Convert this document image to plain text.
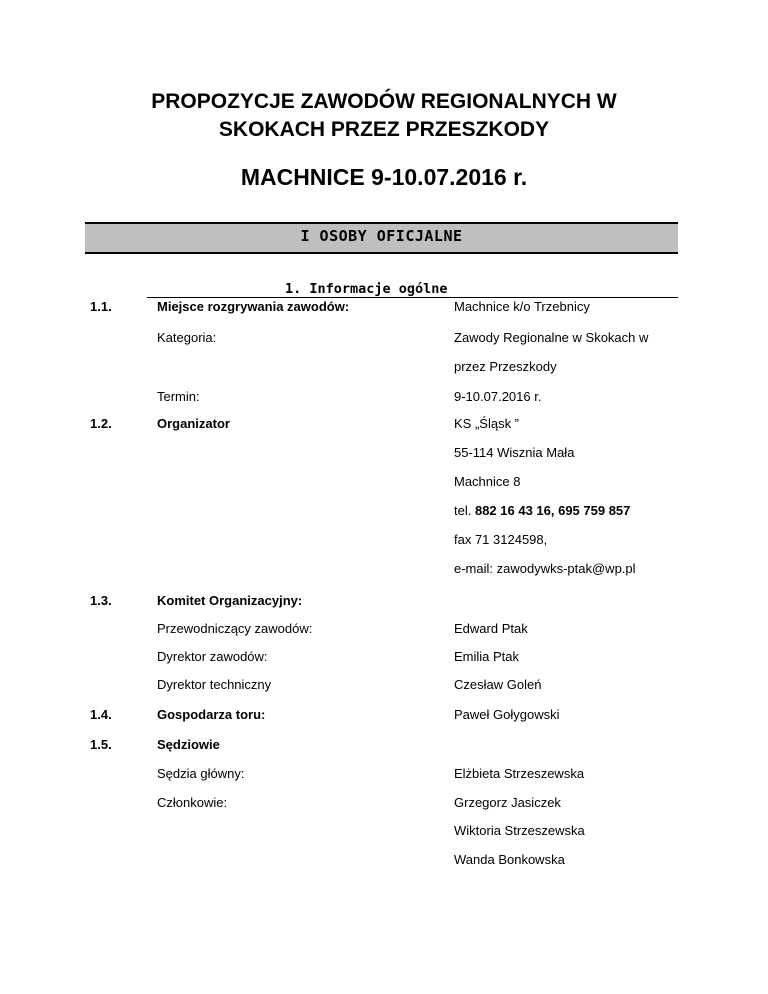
PROPOZYCJE ZAWODÓW REGIONALNYCH W
SKOKACH PRZEZ PRZESZKODY
MACHNICE 9-10.07.2016 r.
I OSOBY OFICJALNE
1. Informacje ogólne
1.1.	Miejsce rozgrywania zawodów:	Machnice k/o Trzebnicy
Kategoria:	Zawody Regionalne w Skokach w
przez Przeszkody
Termin:	9-10.07.2016 r.
1.2.	Organizator	KS „Śląsk ”
55-114 Wisznia Mała
Machnice 8
tel. 882 16 43 16, 695 759 857
fax 71 3124598,
e-mail: zawodywks-ptak@wp.pl
1.3.	Komitet Organizacyjny:
Przewodniczący zawodów:	Edward Ptak
Dyrektor zawodów:	Emilia Ptak
Dyrektor techniczny	Czesław Goleń
1.4.	Gospodarza toru:	Paweł Gołygowski
1.5.	Sędziowie
Sędzia główny:	Elżbieta Strzeszewska
Członkowie:	Grzegorz Jasiczek
Wiktoria Strzeszewska
Wanda Bonkowska
